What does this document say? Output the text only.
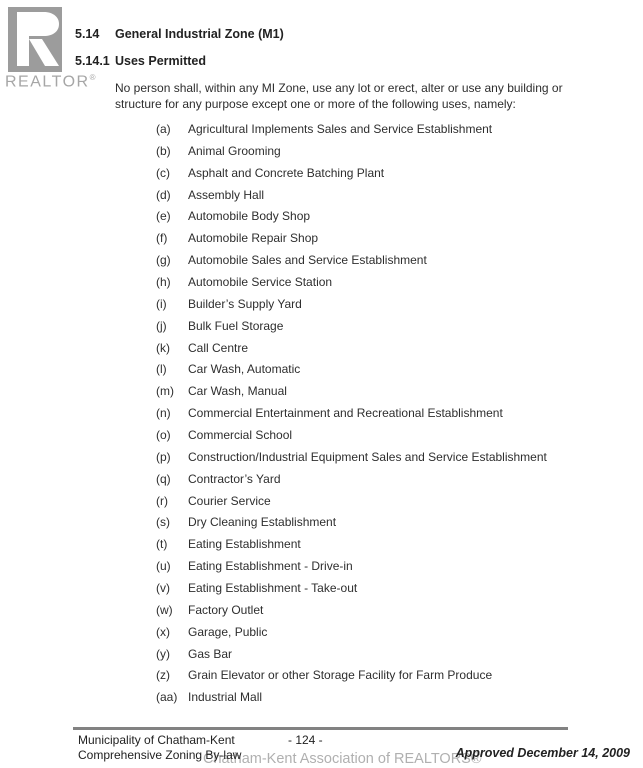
REALTOR®
5.14	General Industrial Zone (M1)
5.14.1 Uses Permitted
No person shall, within any MI Zone, use any lot or erect, alter or use any building or structure for any purpose except one or more of the following uses, namely:
(a)	Agricultural Implements Sales and Service Establishment
(b)	Animal Grooming
(c)	Asphalt and Concrete Batching Plant
(d)	Assembly Hall
(e)	Automobile Body Shop
(f)	Automobile Repair Shop
(g)	Automobile Sales and Service Establishment
(h)	Automobile Service Station
(i)	Builder’s Supply Yard
(j)	Bulk Fuel Storage
(k)	Call Centre
(l)	Car Wash, Automatic
(m)	Car Wash, Manual
(n)	Commercial Entertainment and Recreational Establishment
(o)	Commercial School
(p)	Construction/Industrial Equipment Sales and Service Establishment
(q)	Contractor’s Yard
(r)	Courier Service
(s)	Dry Cleaning Establishment
(t)	Eating Establishment
(u)	Eating Establishment - Drive-in
(v)	Eating Establishment - Take-out
(w)	Factory Outlet
(x)	Garage, Public
(y)	Gas Bar
(z)	Grain Elevator or other Storage Facility for Farm Produce
(aa) Industrial Mall
Chatham-Kent Association of REALTORS®
Municipality of Chatham-Kent
Comprehensive Zoning By-law
- 124 -
Approved December 14, 2009
